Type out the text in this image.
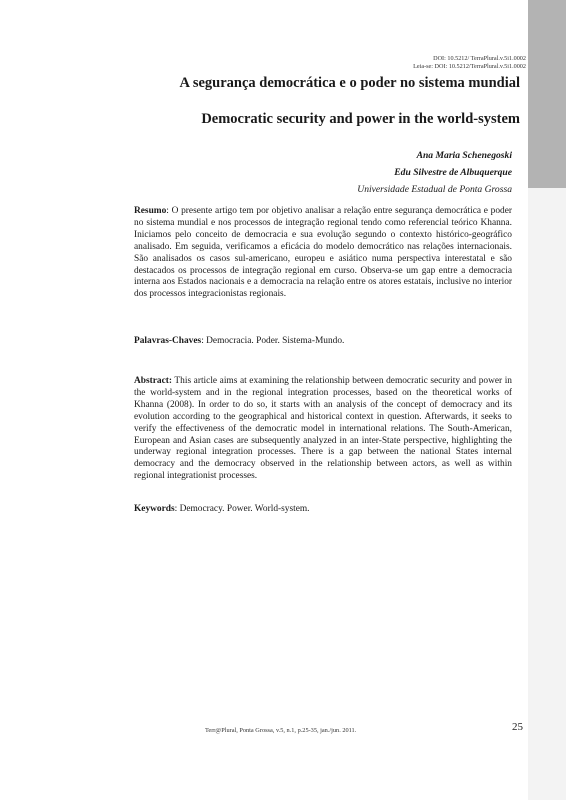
DOI: 10.5212/ TerraPlural.v.5i1.0002
Leia-se: DOI: 10.5212/TerraPlural.v.5i1.0002
A segurança democrática e o poder no sistema mundial
Democratic security and power in the world-system
Ana Maria Schenegoski
Edu Silvestre de Albuquerque
Universidade Estadual de Ponta Grossa

Resumo: O presente artigo tem por objetivo analisar a relação entre segurança democrática e poder no sistema mundial e nos processos de integração regional tendo como referencial teórico Khanna. Iniciamos pelo conceito de democracia e sua evolução segundo o contexto histórico-geográfico analisado. Em seguida, verificamos a eficácia do modelo democrático nas relações internacionais. São analisados os casos sul-americano, europeu e asiático numa perspectiva interestatal e são destacados os processos de integração regional em curso. Observa-se um gap entre a democracia interna aos Estados nacionais e a democracia na relação entre os atores estatais, inclusive no interior dos processos integracionistas regionais.

Palavras-Chaves: Democracia. Poder. Sistema-Mundo.

Abstract: This article aims at examining the relationship between democratic security and power in the world-system and in the regional integration processes, based on the theoretical works of Khanna (2008). In order to do so, it starts with an analysis of the concept of democracy and its evolution according to the geographical and historical context in question. Afterwards, it seeks to verify the effectiveness of the democratic model in international relations. The South-American, European and Asian cases are subsequently analyzed in an inter-State perspective, highlighting the underway regional integration processes. There is a gap between the national States internal democracy and the democracy observed in the relationship between actors, as well as within regional integrationist processes.

Keywords: Democracy. Power. World-system.

Terr@Plural, Ponta Grossa, v.5, n.1, p.25-35, jan./jun. 2011.	25
